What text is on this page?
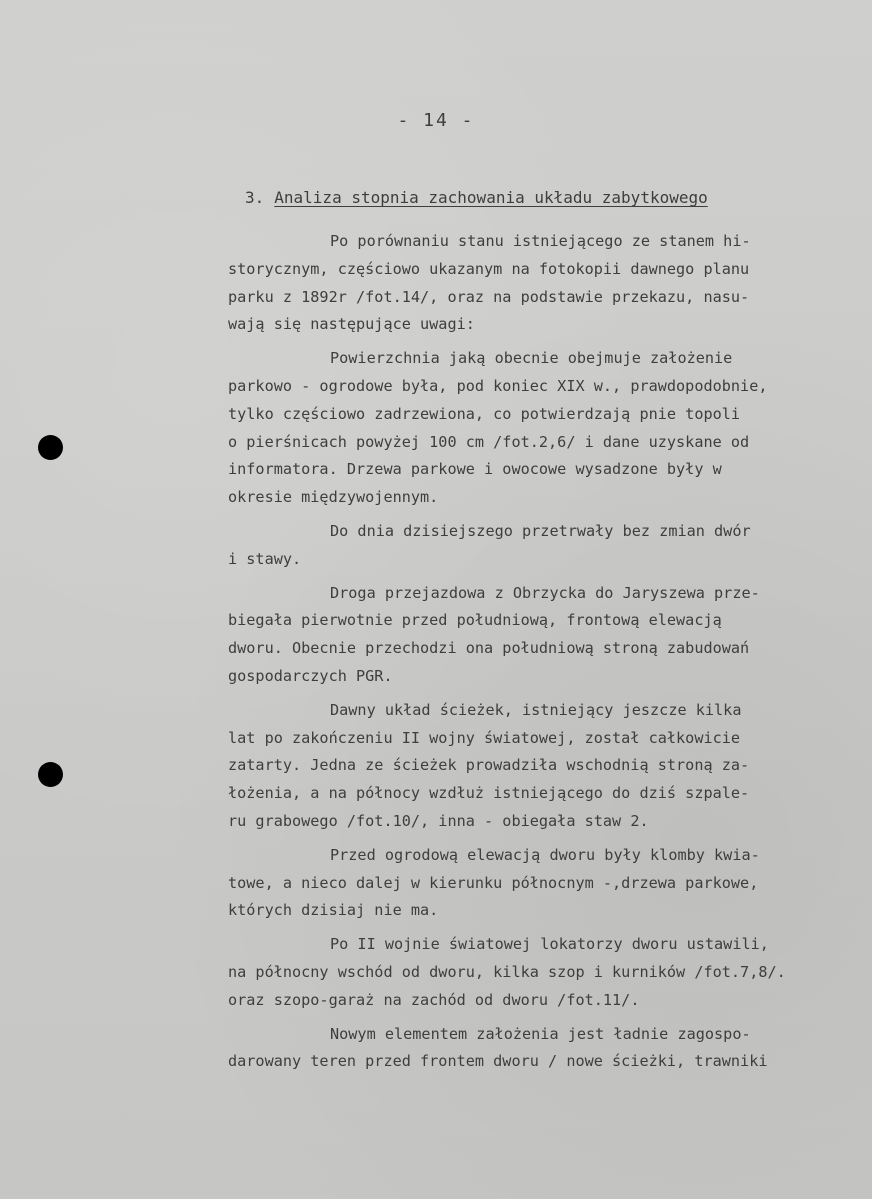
- 14 -
3. Analiza stopnia zachowania układu zabytkowego
Po porównaniu stanu istniejącego ze stanem hi-
storycznym, częściowo ukazanym na fotokopii dawnego planu
parku z 1892r /fot.14/, oraz na podstawie przekazu, nasu-
wają się następujące uwagi:
Powierzchnia jaką obecnie obejmuje założenie
parkowo - ogrodowe była, pod koniec XIX w., prawdopodobnie,
tylko częściowo zadrzewiona, co potwierdzają pnie topoli
o pierśnicach powyżej 100 cm /fot.2,6/ i dane uzyskane od
informatora. Drzewa parkowe i owocowe wysadzone były w
okresie międzywojennym.
Do dnia dzisiejszego przetrwały bez zmian dwór
i stawy.
Droga przejazdowa z Obrzycka do Jaryszewa prze-
biegała pierwotnie przed południową, frontową elewacją
dworu. Obecnie przechodzi ona południową stroną zabudowań
gospodarczych PGR.
Dawny układ ścieżek, istniejący jeszcze kilka
lat po zakończeniu II wojny światowej, został całkowicie
zatarty. Jedna ze ścieżek prowadziła wschodnią stroną za-
łożenia, a na północy wzdłuż istniejącego do dziś szpale-
ru grabowego /fot.10/, inna - obiegała staw 2.
Przed ogrodową elewacją dworu były klomby kwia-
towe, a nieco dalej w kierunku północnym -,drzewa parkowe,
których dzisiaj nie ma.
Po II wojnie światowej lokatorzy dworu ustawili,
na północny wschód od dworu, kilka szop i kurników /fot.7,8/.
oraz szopo-garaż na zachód od dworu /fot.11/.
Nowym elementem założenia jest ładnie zagospo-
darowany teren przed frontem dworu / nowe ścieżki, trawniki
